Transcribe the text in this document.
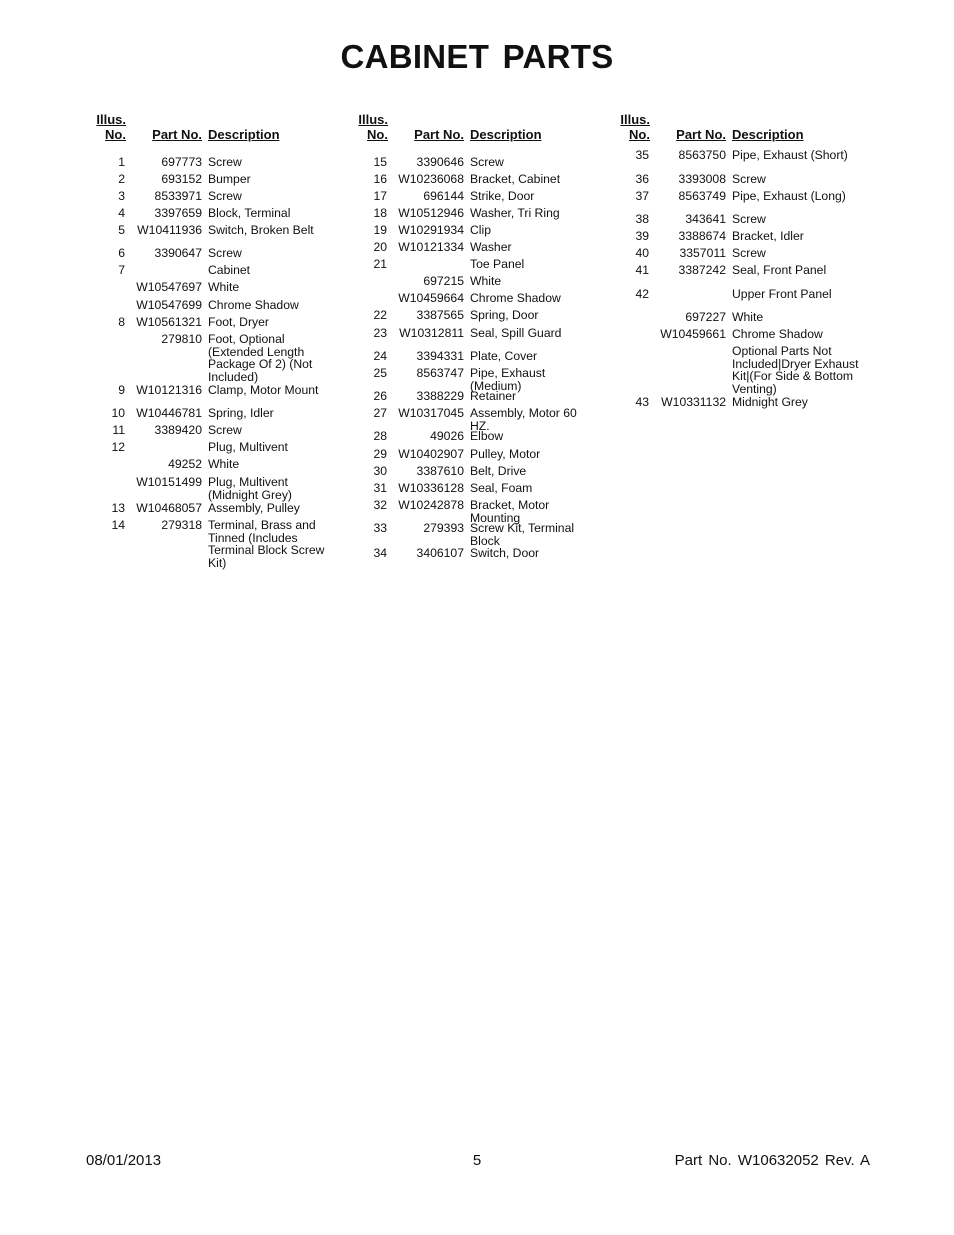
CABINET PARTS
Illus.
No.	Part No. Description
1	697773 Screw
2	693152 Bumper
3	8533971 Screw
4	3397659 Block, Terminal
5 W10411936 Switch, Broken Belt
6	3390647 Screw
7	Cabinet
W10547697 White
W10547699 Chrome Shadow
8 W10561321 Foot, Dryer
279810 Foot, Optional (Extended Length Package Of 2) (Not Included)
9 W10121316 Clamp, Motor Mount
10 W10446781 Spring, Idler
11	3389420 Screw
12	Plug, Multivent
49252 White
W10151499 Plug, Multivent (Midnight Grey)
13 W10468057 Assembly, Pulley
14	279318 Terminal, Brass and Tinned (Includes Terminal Block Screw Kit)
Illus.
No.	Part No. Description
15	3390646 Screw
16 W10236068 Bracket, Cabinet
17	696144 Strike, Door
18 W10512946 Washer, Tri Ring
19 W10291934 Clip
20 W10121334 Washer
21	Toe Panel
697215 White
W10459664 Chrome Shadow
22	3387565 Spring, Door
23 W10312811 Seal, Spill Guard
24	3394331 Plate, Cover
25	8563747 Pipe, Exhaust (Medium)
26	3388229 Retainer
27 W10317045 Assembly, Motor 60 HZ.
28	49026 Elbow
29 W10402907 Pulley, Motor
30	3387610 Belt, Drive
31 W10336128 Seal, Foam
32 W10242878 Bracket, Motor Mounting
33	279393 Screw Kit, Terminal Block
34	3406107 Switch, Door
Illus.
No.	Part No. Description
35	8563750 Pipe, Exhaust (Short)
36	3393008 Screw
37	8563749 Pipe, Exhaust (Long)
38	343641 Screw
39	3388674 Bracket, Idler
40	3357011 Screw
41	3387242 Seal, Front Panel
42	Upper Front Panel
697227 White
W10459661 Chrome Shadow
Optional Parts Not Included|Dryer Exhaust Kit|(For Side & Bottom Venting)
43 W10331132 Midnight Grey
08/01/2013	5	Part No. W10632052 Rev. A
